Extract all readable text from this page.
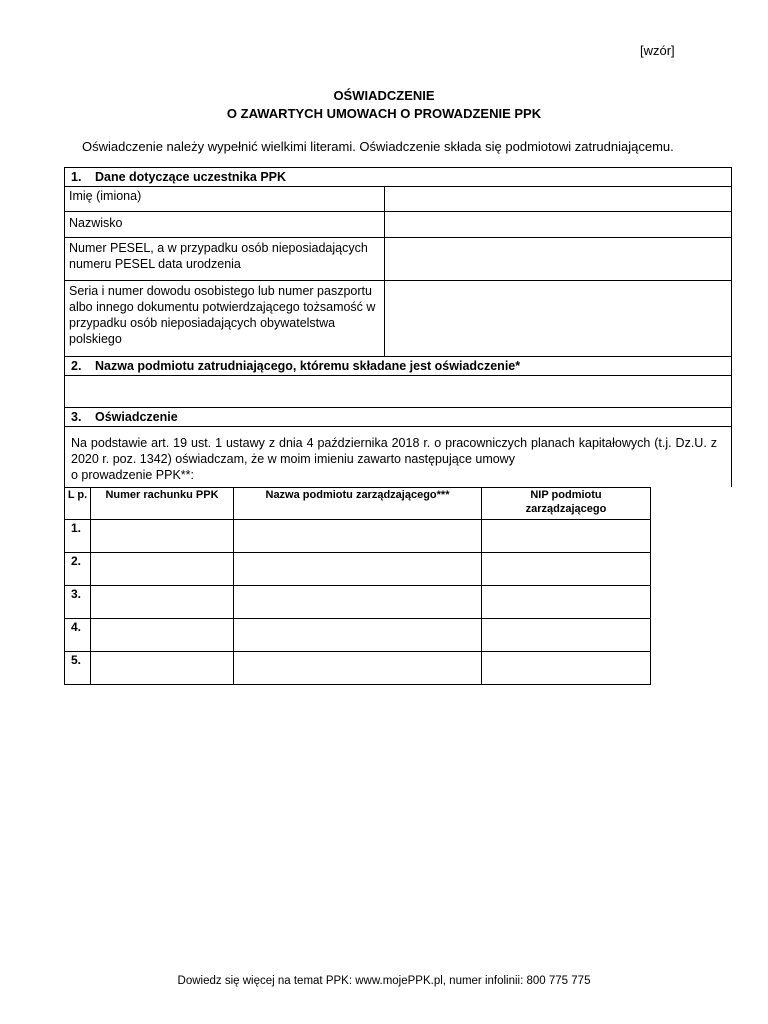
[wzór]
OŚWIADCZENIE
O ZAWARTYCH UMOWACH O PROWADZENIE PPK
Oświadczenie należy wypełnić wielkimi literami. Oświadczenie składa się podmiotowi zatrudniającemu.
1. Dane dotyczące uczestnika PPK
Imię (imiona)
Nazwisko
Numer PESEL, a w przypadku osób nieposiadających numeru PESEL data urodzenia
Seria i numer dowodu osobistego lub numer paszportu albo innego dokumentu potwierdzającego tożsamość w przypadku osób nieposiadających obywatelstwa polskiego
2. Nazwa podmiotu zatrudniającego, któremu składane jest oświadczenie*
3. Oświadczenie
Na podstawie art. 19 ust. 1 ustawy z dnia 4 października 2018 r. o pracowniczych planach kapitałowych (t.j. Dz.U. z 2020 r. poz. 1342) oświadczam, że w moim imieniu zawarto następujące umowy
o prowadzenie PPK**:
L p.	Numer rachunku PPK	Nazwa podmiotu zarządzającego***	NIP podmiotu zarządzającego
1.			
2.			
3.			
4.			
5.			
Dowiedz się więcej na temat PPK: www.mojePPK.pl, numer infolinii: 800 775 775
